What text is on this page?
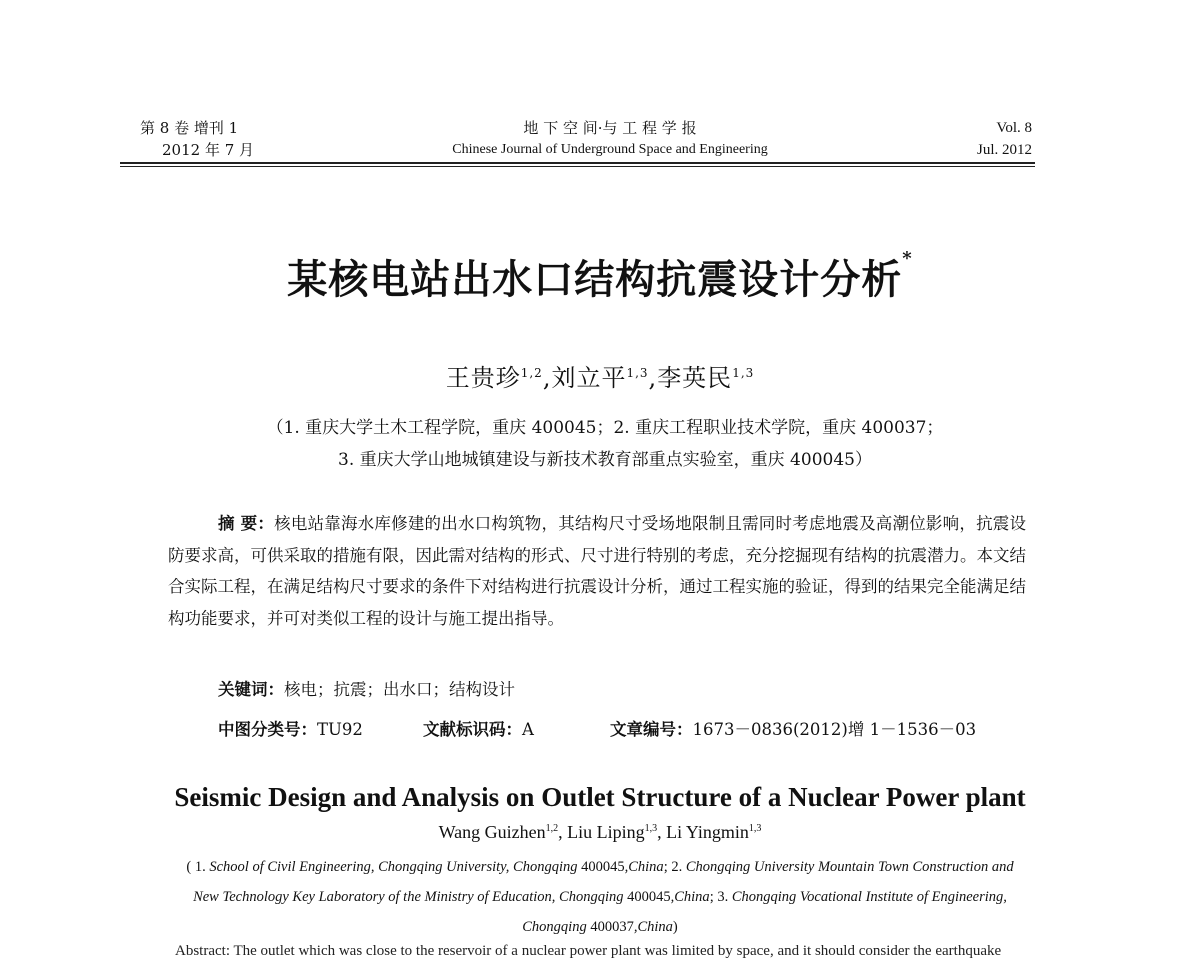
第 8 卷 增刊 1
2012 年 7 月
地 下 空 间·与 工 程 学 报
Chinese Journal of Underground Space and Engineering
Vol. 8
Jul. 2012
某核电站出水口结构抗震设计分析*
王贵珍$^{1,2}$,刘立平$^{1,3}$,李英民$^{1,3}$
（1. 重庆大学土木工程学院，重庆 400045；2. 重庆工程职业技术学院，重庆 400037；
3. 重庆大学山地城镇建设与新技术教育部重点实验室，重庆 400045）
摘 要：核电站靠海水库修建的出水口构筑物，其结构尺寸受场地限制且需同时考虑地震及高潮位影响，抗震设防要求高，可供采取的措施有限，因此需对结构的形式、尺寸进行特别的考虑，充分挖掘现有结构的抗震潜力。本文结合实际工程，在满足结构尺寸要求的条件下对结构进行抗震设计分析，通过工程实施的验证，得到的结果完全能满足结构功能要求，并可对类似工程的设计与施工提出指导。
关键词：核电；抗震；出水口；结构设计
中图分类号：TU92	文献标识码：A	文章编号：1673－0836(2012)增 1－1536－03
Seismic Design and Analysis on Outlet Structure of a Nuclear Power plant
Wang Guizhen$^{1,2}$, Liu Liping$^{1,3}$, Li Yingmin$^{1,3}$
( 1. School of Civil Engineering, Chongqing University, Chongqing 400045,China; 2. Chongqing University Mountain Town Construction and New Technology Key Laboratory of the Ministry of Education, Chongqing 400045,China; 3. Chongqing Vocational Institute of Engineering, Chongqing 400037,China)
Abstract: The outlet which was close to the reservoir of a nuclear power plant was limited by space, and it should consider the earthquake
